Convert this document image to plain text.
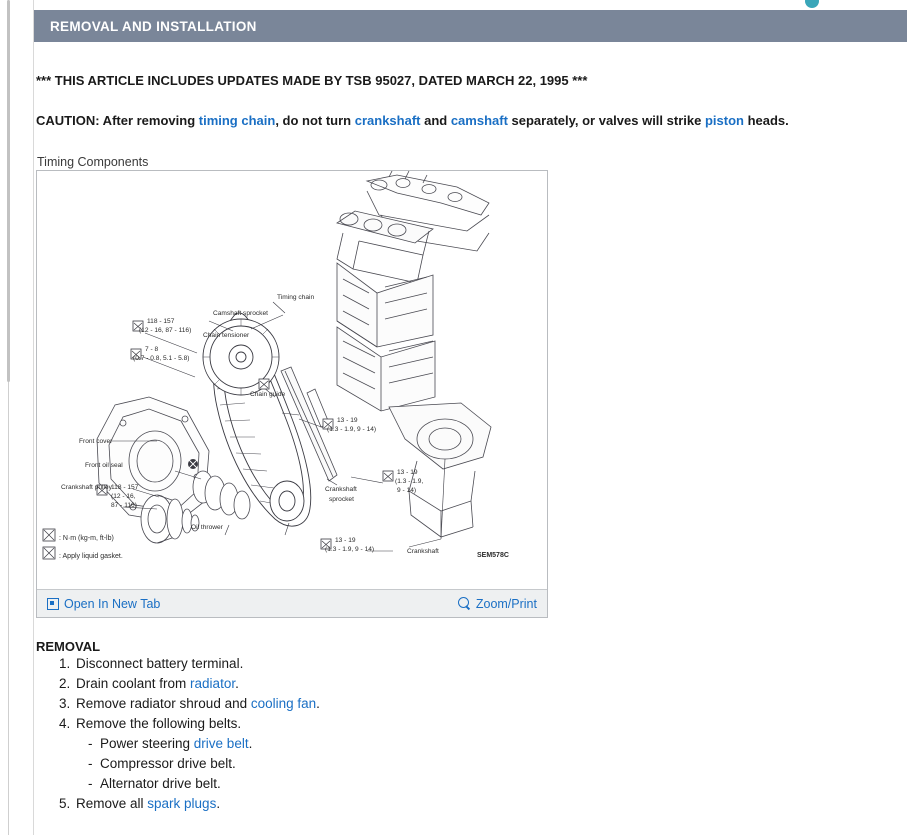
REMOVAL AND INSTALLATION
*** THIS ARTICLE INCLUDES UPDATES MADE BY TSB 95027, DATED MARCH 22, 1995 ***
CAUTION: After removing timing chain, do not turn crankshaft and camshaft separately, or valves will strike piston heads.
Timing Components
Timing chain
Camshaft sprocket
Chain tensioner
Chain guide
Front cover
Front oil seal
Crankshaft pulley
Oil thrower
Crankshaft
sprocket
Crankshaft
SEM578C
118 - 157
(12 - 16, 87 - 116)
7 - 8
(0.7 - 0.8, 5.1 - 5.8)
13 - 19
(1.3 - 1.9, 9 - 14)
13 - 19
(1.3 - 1.9,
9 - 14)
118 - 157
(12 - 16,
87 - 116)
13 - 19
(1.3 - 1.9, 9 - 14)
: N·m (kg-m, ft-lb)
: Apply liquid gasket.
Open In New Tab	Zoom/Print
REMOVAL
1. Disconnect battery terminal.
2. Drain coolant from radiator.
3. Remove radiator shroud and cooling fan.
4. Remove the following belts.
- Power steering drive belt.
- Compressor drive belt.
- Alternator drive belt.
5. Remove all spark plugs.
